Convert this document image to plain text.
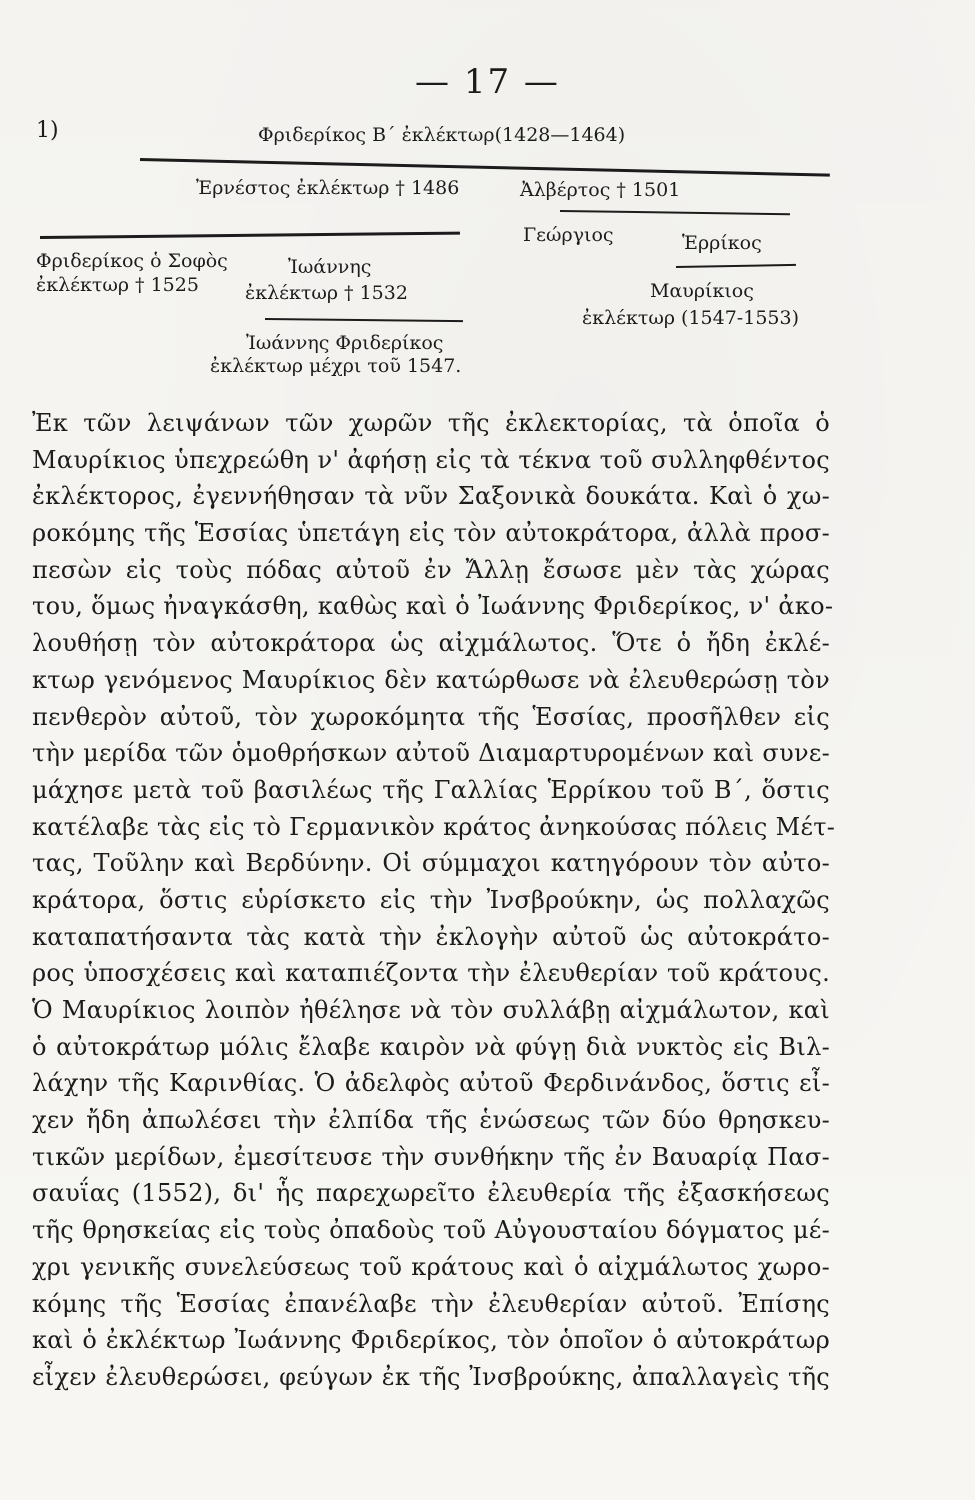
— 17 —
1)	Φριδερίκος Β΄ ἐκλέκτωρ(1428—1464)
Ἐρνέστος ἐκλέκτωρ † 1486	Ἀλβέρτος † 1501
Γεώργιος	Ἑρρίκος
Φριδερίκος ὁ Σοφὸς
ἐκλέκτωρ † 1525
Ἰωάννης
ἐκλέκτωρ † 1532	Μαυρίκιος
ἐκλέκτωρ (1547-1553)
Ἰωάννης Φριδερίκος
ἐκλέκτωρ μέχρι τοῦ 1547.
Ἐκ τῶν λειψάνων τῶν χωρῶν τῆς ἐκλεκτορίας, τὰ ὁποῖα ὁ
Μαυρίκιος ὑπεχρεώθη ν' ἀφήσῃ εἰς τὰ τέκνα τοῦ συλληφθέντος
ἐκλέκτορος, ἐγεννήθησαν τὰ νῦν Σαξονικὰ δουκάτα. Καὶ ὁ χω-
ροκόμης τῆς Ἑσσίας ὑπετάγη εἰς τὸν αὐτοκράτορα, ἀλλὰ προσ-
πεσὼν εἰς τοὺς πόδας αὐτοῦ ἐν Ἄλλῃ ἔσωσε μὲν τὰς χώρας
του, ὅμως ἠναγκάσθη, καθὼς καὶ ὁ Ἰωάννης Φριδερίκος, ν' ἀκο-
λουθήσῃ τὸν αὐτοκράτορα ὡς αἰχμάλωτος. Ὅτε ὁ ἤδη ἐκλέ-
κτωρ γενόμενος Μαυρίκιος δὲν κατώρθωσε νὰ ἐλευθερώσῃ τὸν
πενθερὸν αὐτοῦ, τὸν χωροκόμητα τῆς Ἑσσίας, προσῆλθεν εἰς
τὴν μερίδα τῶν ὁμοθρήσκων αὐτοῦ Διαμαρτυρομένων καὶ συνε-
μάχησε μετὰ τοῦ βασιλέως τῆς Γαλλίας Ἑρρίκου τοῦ Β΄, ὅστις
κατέλαβε τὰς εἰς τὸ Γερμανικὸν κράτος ἀνηκούσας πόλεις Μέτ-
τας, Τοῦλην καὶ Βερδύνην. Οἱ σύμμαχοι κατηγόρουν τὸν αὐτο-
κράτορα, ὅστις εὑρίσκετο εἰς τὴν Ἰνσβρούκην, ὡς πολλαχῶς
καταπατήσαντα τὰς κατὰ τὴν ἐκλογὴν αὐτοῦ ὡς αὐτοκράτο-
ρος ὑποσχέσεις καὶ καταπιέζοντα τὴν ἐλευθερίαν τοῦ κράτους.
Ὁ Μαυρίκιος λοιπὸν ἠθέλησε νὰ τὸν συλλάβῃ αἰχμάλωτον, καὶ
ὁ αὐτοκράτωρ μόλις ἔλαβε καιρὸν νὰ φύγῃ διὰ νυκτὸς εἰς Βιλ-
λάχην τῆς Καρινθίας. Ὁ ἀδελφὸς αὐτοῦ Φερδινάνδος, ὅστις εἶ-
χεν ἤδη ἀπωλέσει τὴν ἐλπίδα τῆς ἑνώσεως τῶν δύο θρησκευ-
τικῶν μερίδων, ἐμεσίτευσε τὴν συνθήκην τῆς ἐν Βαυαρίᾳ Πασ-
σαυΐας (1552), δι' ἧς παρεχωρεῖτο ἐλευθερία τῆς ἐξασκήσεως
τῆς θρησκείας εἰς τοὺς ὀπαδοὺς τοῦ Αὐγουσταίου δόγματος μέ-
χρι γενικῆς συνελεύσεως τοῦ κράτους καὶ ὁ αἰχμάλωτος χωρο-
κόμης τῆς Ἑσσίας ἐπανέλαβε τὴν ἐλευθερίαν αὐτοῦ. Ἐπίσης
καὶ ὁ ἐκλέκτωρ Ἰωάννης Φριδερίκος, τὸν ὁποῖον ὁ αὐτοκράτωρ
εἶχεν ἐλευθερώσει, φεύγων ἐκ τῆς Ἰνσβρούκης, ἀπαλλαγεὶς τῆς
